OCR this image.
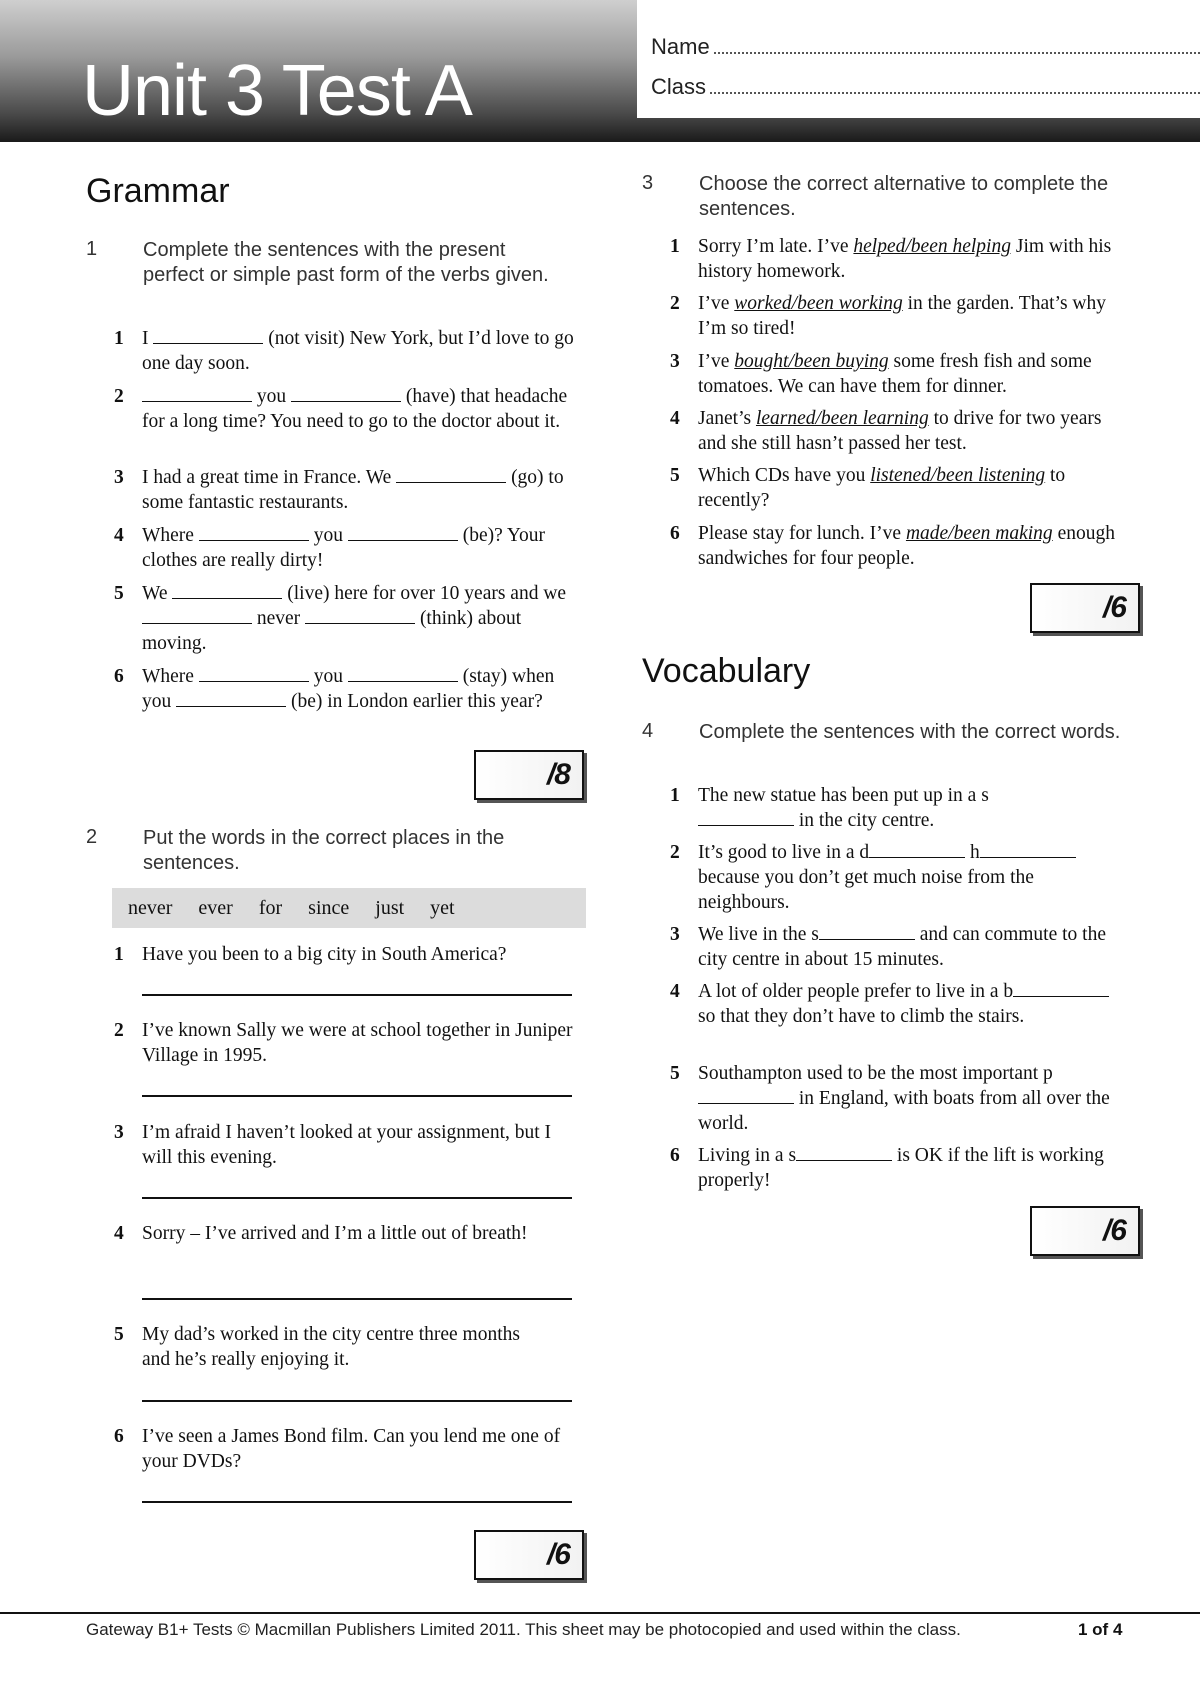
Unit 3 Test A
Name
Class
Grammar
1 Complete the sentences with the present perfect or simple past form of the verbs given.
1 I	(not visit) New York, but I’d love to go one day soon.
2	you	(have) that headache for a long time? You need to go to the doctor about it.
3 I had a great time in France. We	(go) to some fantastic restaurants.
4 Where	you	(be)? Your clothes are really dirty!
5 We	(live) here for over 10 years and we  never	(think) about moving.
6 Where	you	(stay) when you	(be) in London earlier this year?
/8
2 Put the words in the correct places in the sentences.
never ever for since just yet
1 Have you been to a big city in South America?
2 I’ve known Sally we were at school together in Juniper Village in 1995.
3 I’m afraid I haven’t looked at your assignment, but I will this evening.
4 Sorry – I’ve arrived and I’m a little out of breath!
5 My dad’s worked in the city centre three months and he’s really enjoying it.
6 I’ve seen a James Bond film. Can you lend me one of your DVDs?
/6
3 Choose the correct alternative to complete the sentences.
1 Sorry I’m late. I’ve helped/been helping Jim with his history homework.
2 I’ve worked/been working in the garden. That’s why I’m so tired!
3 I’ve bought/been buying some fresh fish and some tomatoes. We can have them for dinner.
4 Janet’s learned/been learning to drive for two years and she still hasn’t passed her test.
5 Which CDs have you listened/been listening to recently?
6 Please stay for lunch. I’ve made/been making enough sandwiches for four people.
/6
Vocabulary
4 Complete the sentences with the correct words.
1 The new statue has been put up in a s in the city centre.
2 It’s good to live in a d	h because you don’t get much noise from the neighbours.
3 We live in the s	and can commute to the city centre in about 15 minutes.
4 A lot of older people prefer to live in a b so that they don’t have to climb the stairs.
5 Southampton used to be the most important p in England, with boats from all over the world.
6 Living in a s	is OK if the lift is working properly!
/6
Gateway B1+ Tests © Macmillan Publishers Limited 2011. This sheet may be photocopied and used within the class.	1 of 4
